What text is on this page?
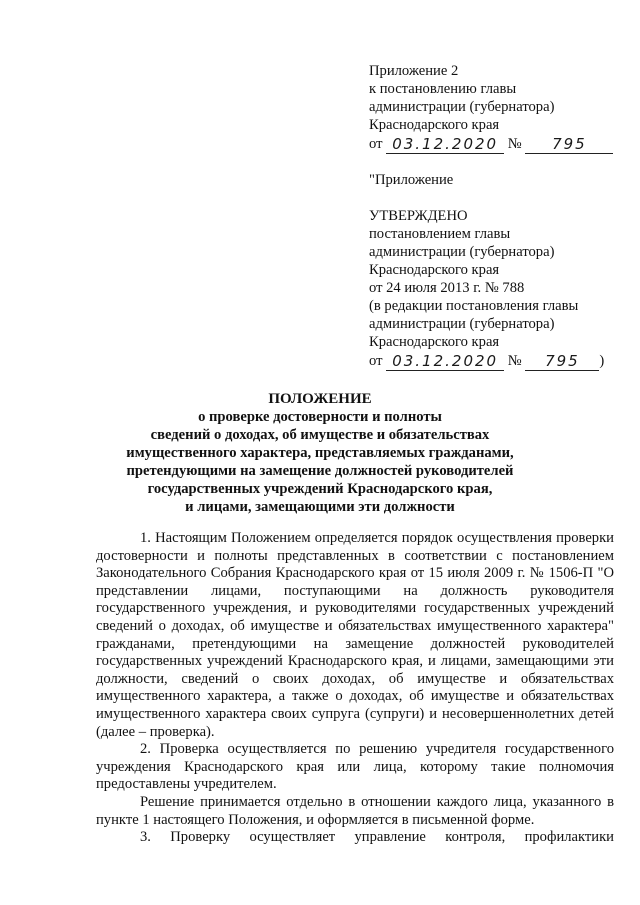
Приложение 2
к постановлению главы
администрации (губернатора)
Краснодарского края
от 03.12.2020 № 795
"Приложение
УТВЕРЖДЕНО
постановлением главы
администрации (губернатора)
Краснодарского края
от 24 июля 2013 г. № 788
(в редакции постановления главы
администрации (губернатора)
Краснодарского края
от 03.12.2020 № 795 )
ПОЛОЖЕНИЕ
о проверке достоверности и полноты
сведений о доходах, об имуществе и обязательствах
имущественного характера, представляемых гражданами,
претендующими на замещение должностей руководителей
государственных учреждений Краснодарского края,
и лицами, замещающими эти должности

1. Настоящим Положением определяется порядок осуществления проверки достоверности и полноты представленных в соответствии с постановлением Законодательного Собрания Краснодарского края от 15 июля 2009 г. № 1506-П "О представлении лицами, поступающими на должность руководителя государственного учреждения, и руководителями государственных учреждений сведений о доходах, об имуществе и обязательствах имущественного характера" гражданами, претендующими на замещение должностей руководителей государственных учреждений Краснодарского края, и лицами, замещающими эти должности, сведений о своих доходах, об имуществе и обязательствах имущественного характера, а также о доходах, об имуществе и обязательствах имущественного характера своих супруга (супруги) и несовершеннолетних детей (далее – проверка).

2. Проверка осуществляется по решению учредителя государственного учреждения Краснодарского края или лица, которому такие полномочия предоставлены учредителем.

Решение принимается отдельно в отношении каждого лица, указанного в пункте 1 настоящего Положения, и оформляется в письменной форме.

3. Проверку осуществляет управление контроля, профилактики
